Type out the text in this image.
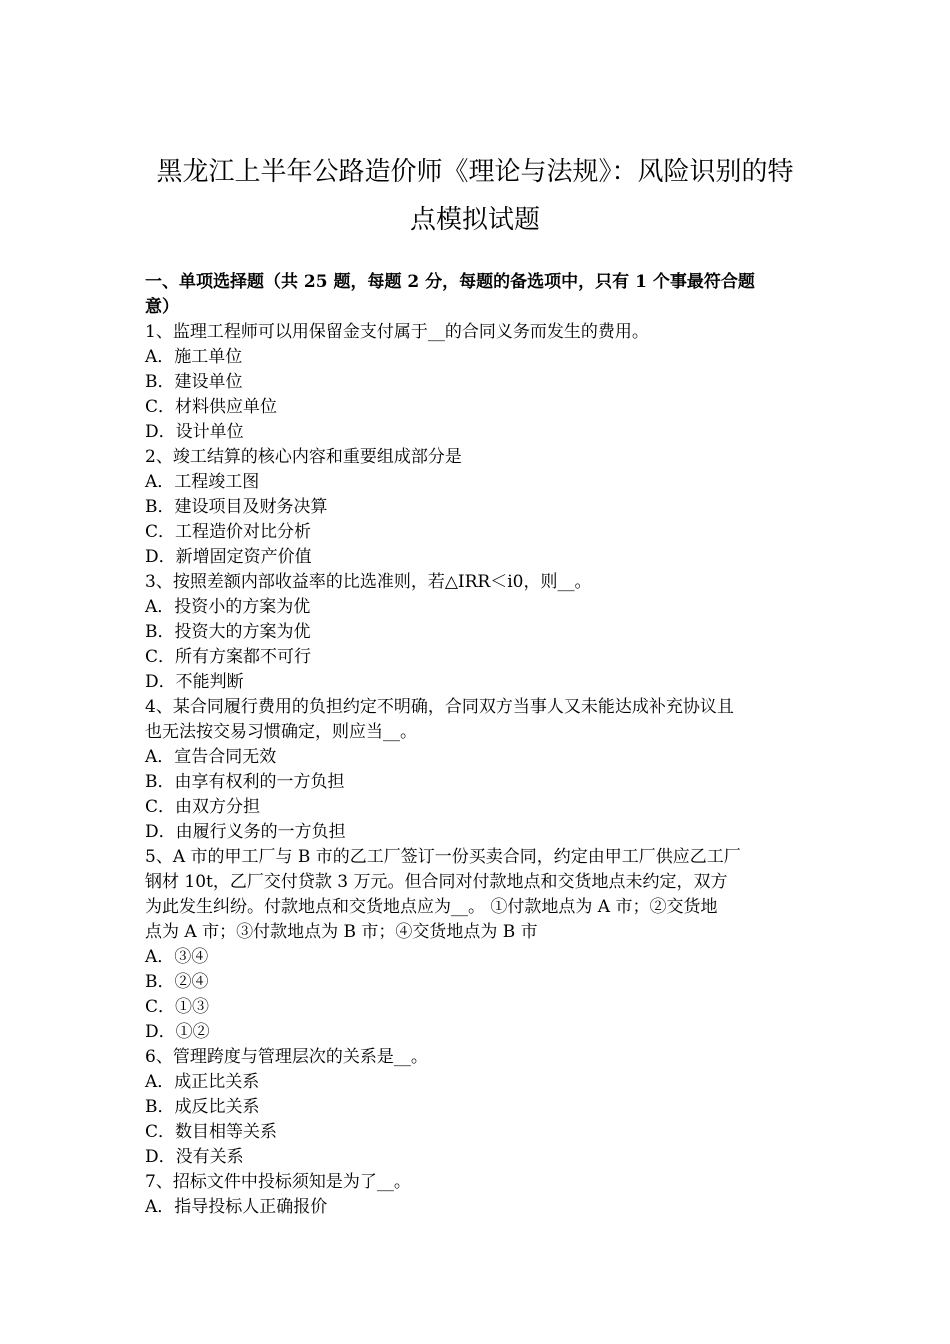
黑龙江上半年公路造价师《理论与法规》：风险识别的特
点模拟试题
一、单项选择题（共 25 题，每题 2 分，每题的备选项中，只有 1 个事最符合题
意）
1、监理工程师可以用保留金支付属于__的合同义务而发生的费用。
A．施工单位
B．建设单位
C．材料供应单位
D．设计单位
2、竣工结算的核心内容和重要组成部分是
A．工程竣工图
B．建设项目及财务决算
C．工程造价对比分析
D．新增固定资产价值
3、按照差额内部收益率的比选准则，若△IRR＜i0，则__。
A．投资小的方案为优
B．投资大的方案为优
C．所有方案都不可行
D．不能判断
4、某合同履行费用的负担约定不明确，合同双方当事人又未能达成补充协议且
也无法按交易习惯确定，则应当__。
A．宣告合同无效
B．由享有权利的一方负担
C．由双方分担
D．由履行义务的一方负担
5、A 市的甲工厂与 B 市的乙工厂签订一份买卖合同，约定由甲工厂供应乙工厂
钢材 10t，乙厂交付贷款 3 万元。但合同对付款地点和交货地点未约定，双方
为此发生纠纷。付款地点和交货地点应为__。 ①付款地点为 A 市；②交货地
点为 A 市；③付款地点为 B 市；④交货地点为 B 市
A．③④
B．②④
C．①③
D．①②
6、管理跨度与管理层次的关系是__。
A．成正比关系
B．成反比关系
C．数目相等关系
D．没有关系
7、招标文件中投标须知是为了__。
A．指导投标人正确报价
